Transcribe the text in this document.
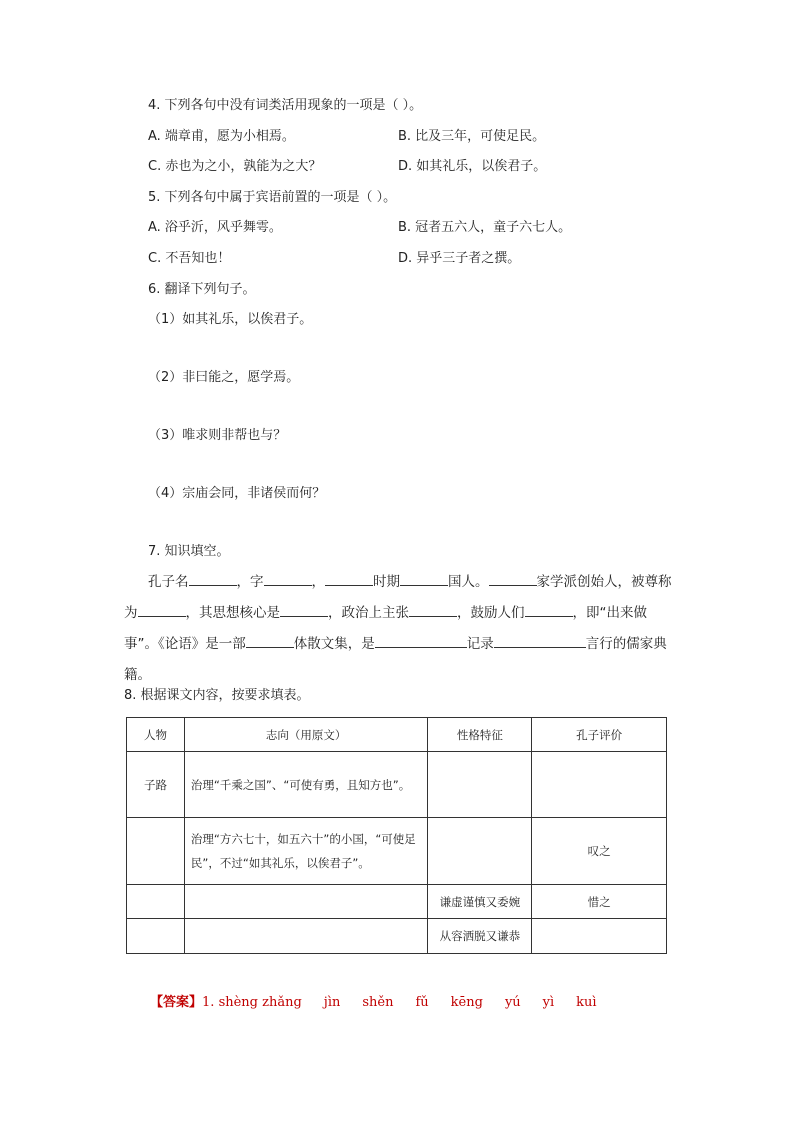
4. 下列各句中没有词类活用现象的一项是（ ）。
A. 端章甫，愿为小相焉。	B. 比及三年，可使足民。
C. 赤也为之小，孰能为之大？	D. 如其礼乐，以俟君子。
5. 下列各句中属于宾语前置的一项是（ ）。
A. 浴乎沂，风乎舞雩。	B. 冠者五六人，童子六七人。
C. 不吾知也！	D. 异乎三子者之撰。
6. 翻译下列句子。
（1）如其礼乐，以俟君子。
（2）非曰能之，愿学焉。
（3）唯求则非帮也与？
（4）宗庙会同，非诸侯而何？
7. 知识填空。
孔子名	，字	，	时期	国人。	家学派创始人，被尊称为	，其思想核心是	，政治上主张	，鼓励人们	，即“出来做事”。《论语》是一部	体散文集，是	记录	言行的儒家典籍。
8. 根据课文内容，按要求填表。
人物	志向（用原文）	性格特征	孔子评价
子路	治理“千乘之国”、“可使有勇，且知方也”。		
	治理“方六七十，如五六十”的小国，“可使足民”，不过“如其礼乐，以俟君子”。		叹之
		谦虚谨慎又委婉	惜之
		从容洒脱又谦恭	
【答案】1. shèng zhǎng jìn shěn fǔ kēng yú yì kuì
